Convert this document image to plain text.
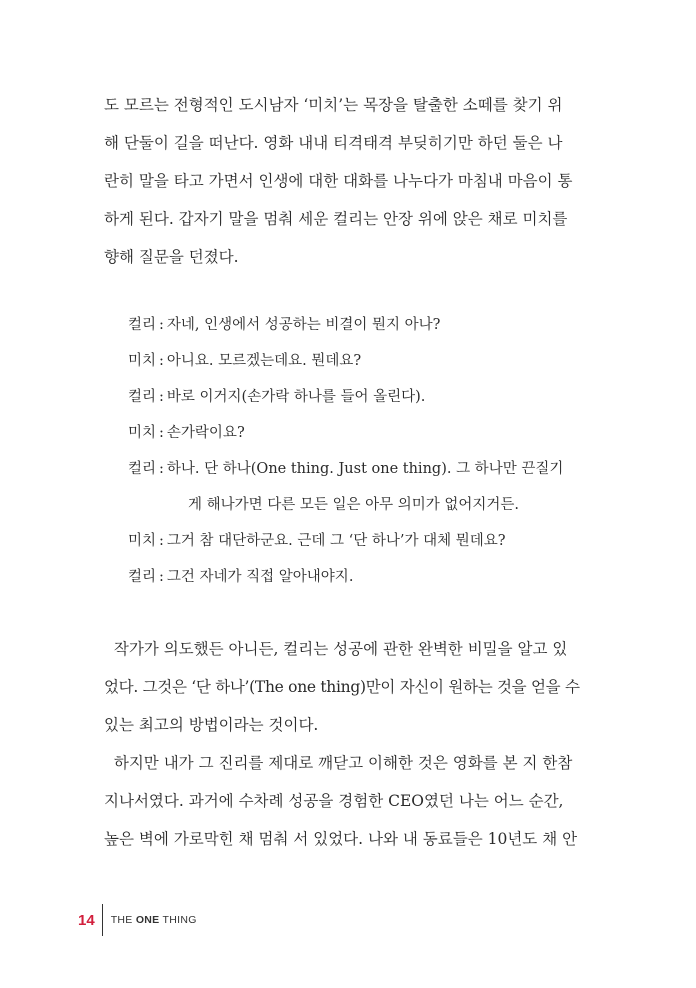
도 모르는 전형적인 도시남자 ‘미치’는 목장을 탈출한 소떼를 찾기 위
해 단둘이 길을 떠난다. 영화 내내 티격태격 부딪히기만 하던 둘은 나
란히 말을 타고 가면서 인생에 대한 대화를 나누다가 마침내 마음이 통
하게 된다. 갑자기 말을 멈춰 세운 컬리는 안장 위에 앉은 채로 미치를
향해 질문을 던졌다.
컬리 : 자네, 인생에서 성공하는 비결이 뭔지 아나?
미치 : 아니요. 모르겠는데요. 뭔데요?
컬리 : 바로 이거지(손가락 하나를 들어 올린다).
미치 : 손가락이요?
컬리 : 하나. 단 하나(One thing. Just one thing). 그 하나만 끈질기
게 해나가면 다른 모든 일은 아무 의미가 없어지거든.
미치 : 그거 참 대단하군요. 근데 그 ‘단 하나’가 대체 뭔데요?
컬리 : 그건 자네가 직접 알아내야지.
작가가 의도했든 아니든, 컬리는 성공에 관한 완벽한 비밀을 알고 있
었다. 그것은 ‘단 하나’(The one thing)만이 자신이 원하는 것을 얻을 수
있는 최고의 방법이라는 것이다.
하지만 내가 그 진리를 제대로 깨닫고 이해한 것은 영화를 본 지 한참
지나서였다. 과거에 수차례 성공을 경험한 CEO였던 나는 어느 순간,
높은 벽에 가로막힌 채 멈춰 서 있었다. 나와 내 동료들은 10년도 채 안
14 THE ONE THING
